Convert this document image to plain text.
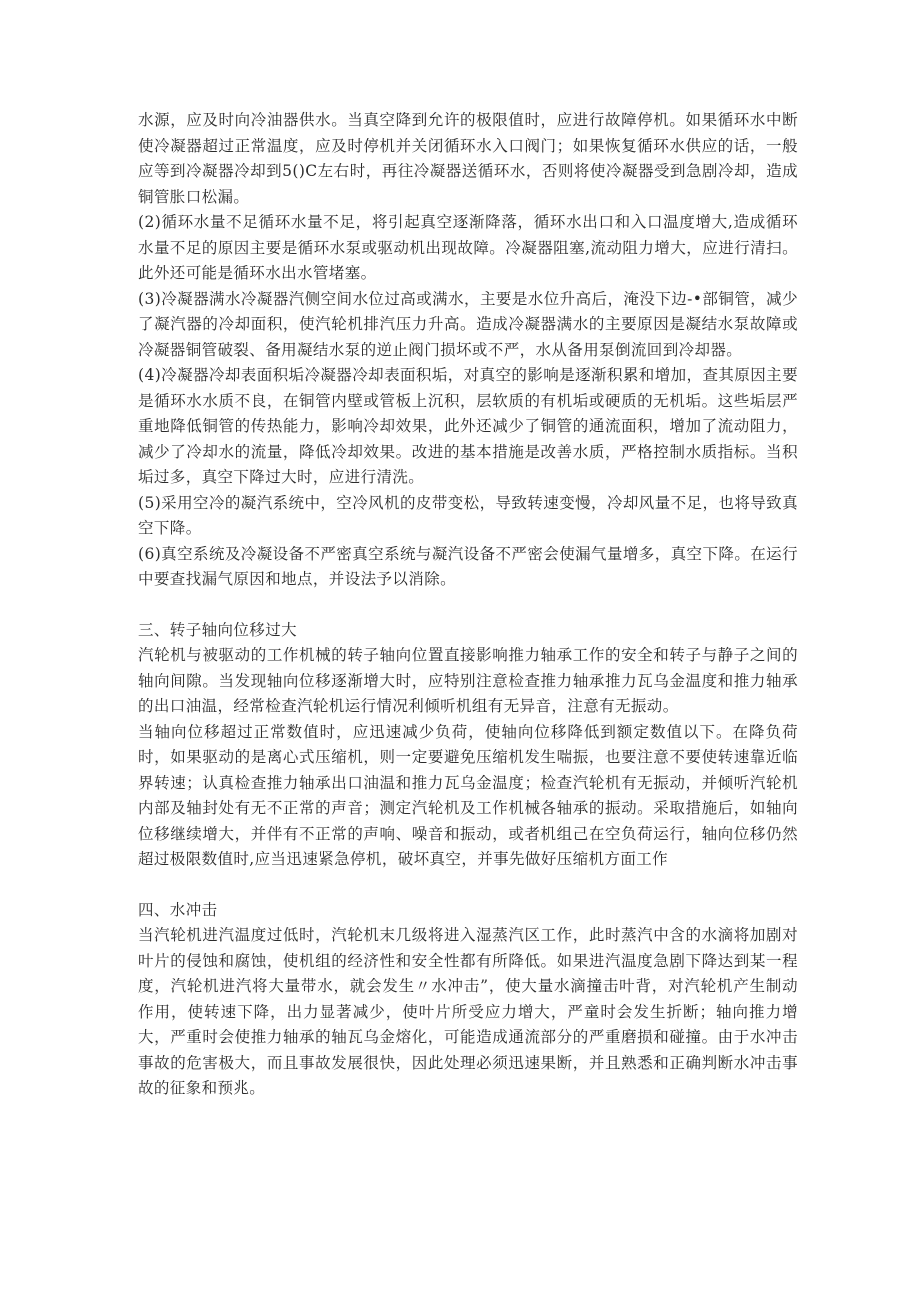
水源，应及时向冷油器供水。当真空降到允许的极限值时，应进行故障停机。如果循环水中断使冷凝器超过正常温度，应及时停机并关闭循环水入口阀门；如果恢复循环水供应的话，一般应等到冷凝器冷却到5()C左右时，再往冷凝器送循环水，否则将使冷凝器受到急剧冷却，造成铜管胀口松漏。

(2)循环水量不足循环水量不足，将引起真空逐渐降落，循环水出口和入口温度增大,造成循环水量不足的原因主要是循环水泵或驱动机出现故障。冷凝器阻塞,流动阻力增大，应进行清扫。此外还可能是循环水出水管堵塞。

(3)冷凝器满水冷凝器汽侧空间水位过高或满水，主要是水位升高后，淹没下边-•部铜管，减少了凝汽器的冷却面积，使汽轮机排汽压力升高。造成冷凝器满水的主要原因是凝结水泵故障或冷凝器铜管破裂、备用凝结水泵的逆止阀门损坏或不严，水从备用泵倒流回到冷却器。

(4)冷凝器冷却表面积垢冷凝器冷却表面积垢，对真空的影响是逐渐积累和增加，查其原因主要是循环水水质不良，在铜管内壁或管板上沉积，层软质的有机垢或硬质的无机垢。这些垢层严重地降低铜管的传热能力，影响冷却效果，此外还减少了铜管的通流面积，增加了流动阻力，减少了冷却水的流量，降低冷却效果。改进的基本措施是改善水质，严格控制水质指标。当积垢过多，真空下降过大时，应进行清洗。

(5)采用空冷的凝汽系统中，空冷风机的皮带变松，导致转速变慢，冷却风量不足，也将导致真空下降。

(6)真空系统及冷凝设备不严密真空系统与凝汽设备不严密会使漏气量增多，真空下降。在运行中要查找漏气原因和地点，并设法予以消除。

三、转子轴向位移过大

汽轮机与被驱动的工作机械的转子轴向位置直接影响推力轴承工作的安全和转子与静子之间的轴向间隙。当发现轴向位移逐渐增大时，应特别注意检查推力轴承推力瓦乌金温度和推力轴承的出口油温，经常检查汽轮机运行情况利倾听机组有无异音，注意有无振动。

当轴向位移超过正常数值时，应迅速减少负荷，使轴向位移降低到额定数值以下。在降负荷时，如果驱动的是离心式压缩机，则一定要避免压缩机发生喘振，也要注意不要使转速靠近临界转速；认真检查推力轴承出口油温和推力瓦乌金温度；检查汽轮机有无振动，并倾听汽轮机内部及轴封处有无不正常的声音；测定汽轮机及工作机械各轴承的振动。采取措施后，如轴向位移继续增大，并伴有不正常的声响、噪音和振动，或者机组己在空负荷运行，轴向位移仍然超过极限数值时,应当迅速紧急停机，破坏真空，并事先做好压缩机方面工作

四、水冲击

当汽轮机进汽温度过低时，汽轮机末几级将进入湿蒸汽区工作，此时蒸汽中含的水滴将加剧对叶片的侵蚀和腐蚀，使机组的经济性和安全性都有所降低。如果进汽温度急剧下降达到某一程度，汽轮机进汽将大量带水，就会发生〃水冲击”，使大量水滴撞击叶背，对汽轮机产生制动作用，使转速下降，出力显著减少，使叶片所受应力增大，严童时会发生折断；轴向推力增大，严重时会使推力轴承的轴瓦乌金熔化，可能造成通流部分的严重磨损和碰撞。由于水冲击事故的危害极大，而且事故发展很快，因此处理必须迅速果断，并且熟悉和正确判断水冲击事故的征象和预兆。
